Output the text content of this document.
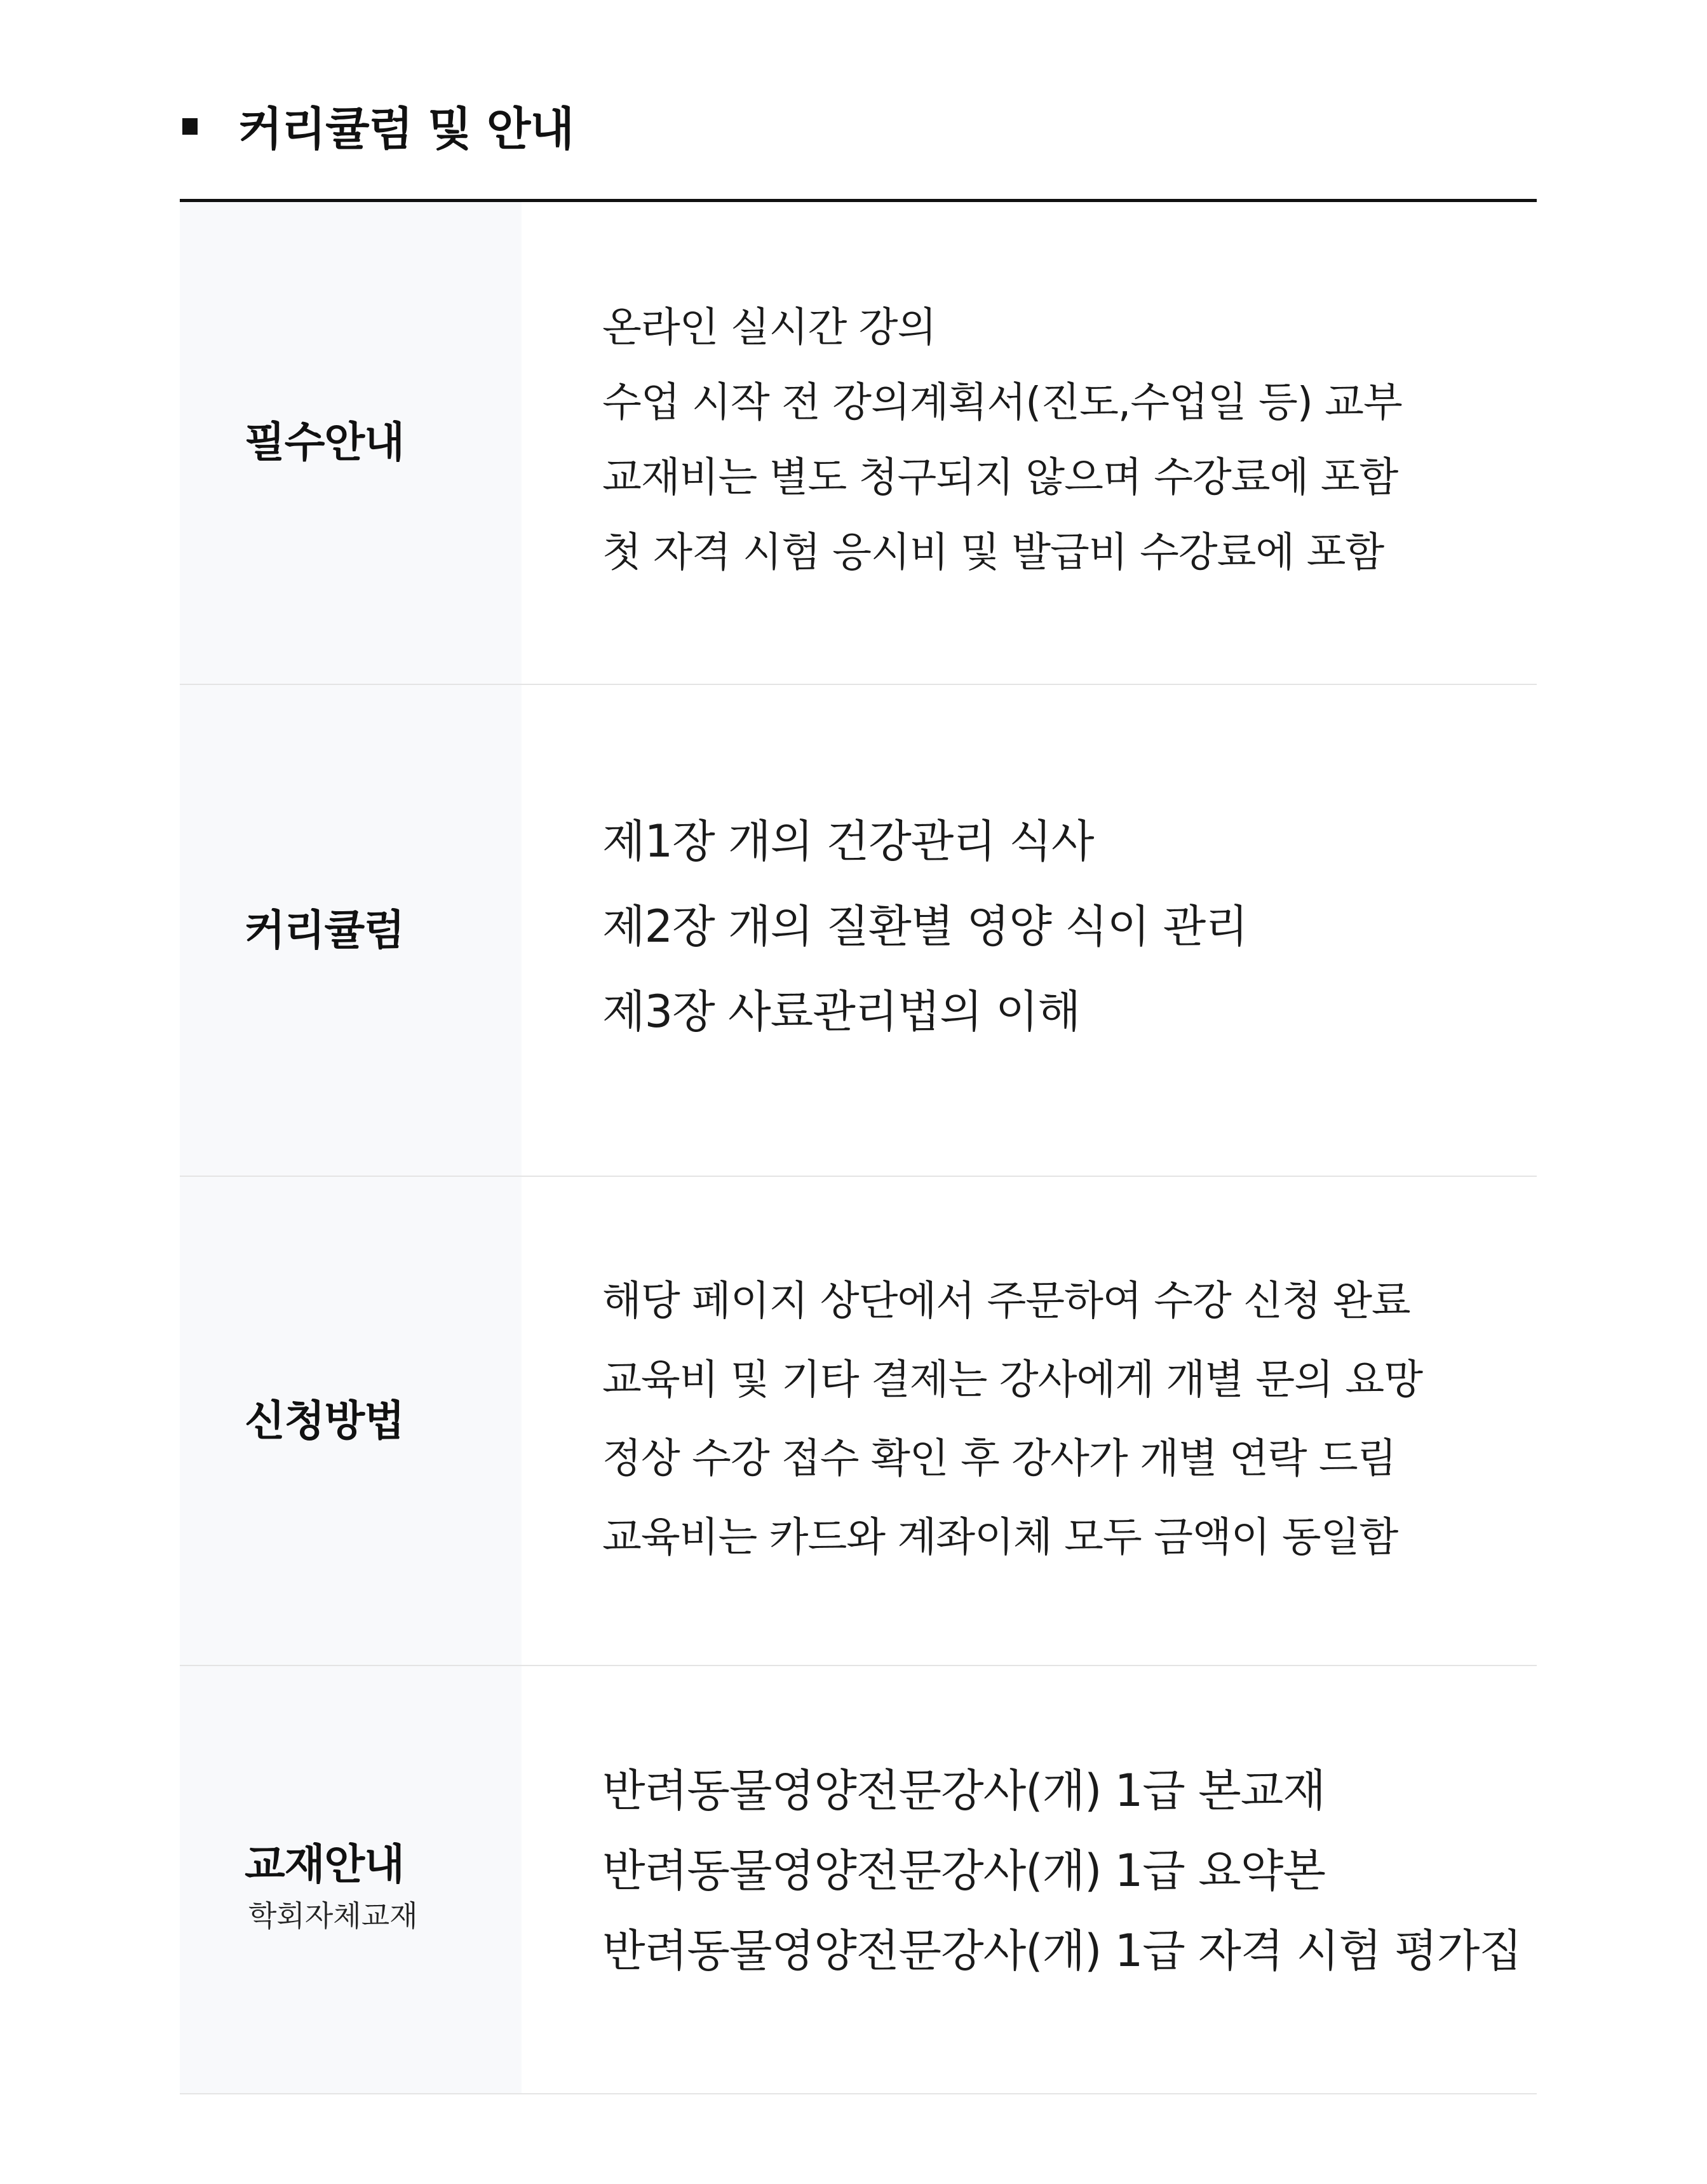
커리큘럼 및 안내
필수안내
온라인 실시간 강의
수업 시작 전 강의계획서(진도,수업일 등) 교부
교재비는 별도 청구되지 않으며 수강료에 포함
첫 자격 시험 응시비 및 발급비 수강료에 포함
커리큘럼
제1장 개의 건강관리 식사
제2장 개의 질환별 영양 식이 관리
제3장 사료관리법의 이해
신청방법
해당 페이지 상단에서 주문하여 수강 신청 완료
교육비 및 기타 결제는 강사에게 개별 문의 요망
정상 수강 접수 확인 후 강사가 개별 연락 드림
교육비는 카드와 계좌이체 모두 금액이 동일함
교재안내
학회자체교재
반려동물영양전문강사(개) 1급 본교재
반려동물영양전문강사(개) 1급 요약본
반려동물영양전문강사(개) 1급 자격 시험 평가집
